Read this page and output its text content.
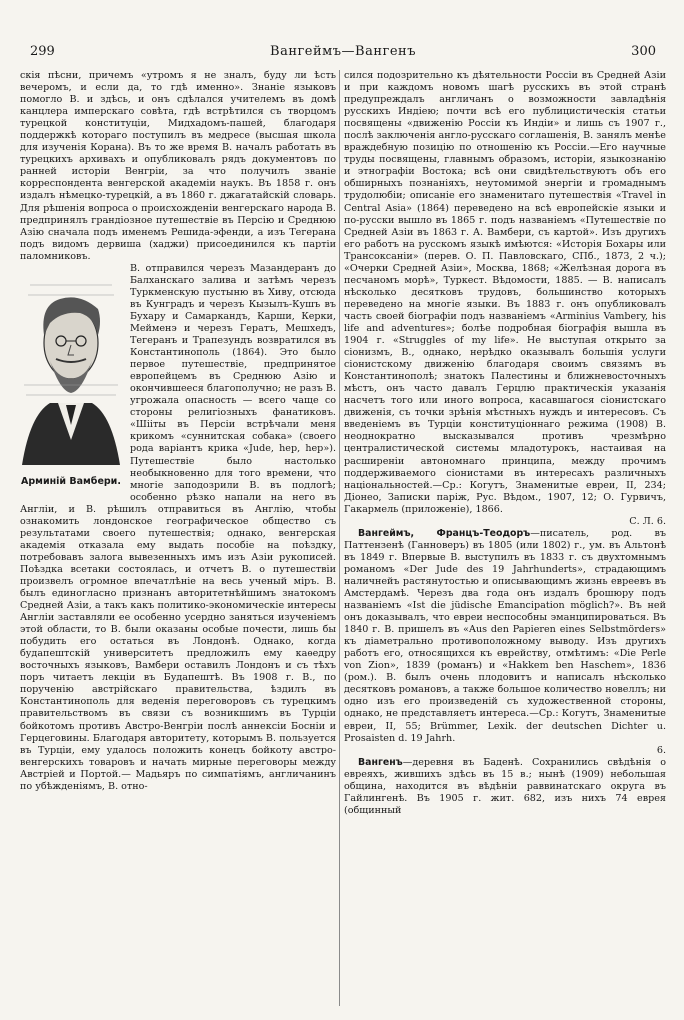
299	Вангеймъ—Вангенъ	300

скія пѣсни, причемъ «утромъ я не зналъ, буду ли ѣсть вечеромъ, и если да, то гдѣ именно». Знаніе языковъ помогло В. и здѣсь, и онъ сдѣлался учителемъ въ домѣ канцлера имперскаго совѣта, гдѣ встрѣтился съ творцомъ турецкой конституціи, Мидхадомъ-пашей, благодаря поддержкѣ котораго поступилъ въ медресе (высшая школа для изученія Корана). Въ то же время В. началъ работать въ турецкихъ архивахъ и опубликовалъ рядъ документовъ по ранней исторіи Венгріи, за что получилъ званіе корреспондента венгерской академіи наукъ. Въ 1858 г. онъ издалъ нѣмецко-турецкій, а въ 1860 г. джагатайскій словарь. Для рѣшенія вопроса о происхожденіи венгерскаго народа В. предпринялъ грандіозное путешествіе въ Персію и Среднюю Азію сначала подъ именемъ Решида-эфенди, а изъ Тегерана подъ видомъ дервиша (хаджи) присоединился къ партіи паломниковъ.

Арминій Вамбери.

В. отправился черезъ Мазандеранъ до Балханскаго залива и затѣмъ черезъ Туркменскую пустыню въ Хиву, отсюда въ Кунградъ и черезъ Кызылъ-Кушъ въ Бухару и Самаркандъ, Карши, Керки, Мейменэ и черезъ Гератъ, Мешхедъ, Тегеранъ и Трапезундъ возвратился въ Константинополь (1864). Это было первое путешествіе, предпринятое европейцемъ въ Среднюю Азію и окончившееся благополучно; не разъ В. угрожала опасность — всего чаще со стороны религіозныхъ фанатиковъ. «Шііты въ Персіи встрѣчали меня крикомъ «суннитская собака» (своего рода варіантъ крика «Jude, hep, hep»). Путешествіе было настолько необыкновенно для того времени, что многіе заподозрили В. въ подлогѣ; особенно рѣзко напали на него въ Англіи, и В. рѣшилъ отправиться въ Англію, чтобы ознакомить лондонское географическое общество съ результатами своего путешествія; однако, венгерская академія отказала ему выдать пособіе на поѣздку, потребовавъ залога вывезенныхъ имъ изъ Азіи рукописей. Поѣздка всетаки состоялась, и отчетъ В. о путешествіи произвелъ огромное впечатлѣніе на весь ученый міръ. В. былъ единогласно признанъ авторитетнѣйшимъ знатокомъ Средней Азіи, а такъ какъ политико-экономическіе интересы Англіи заставляли ее особенно усердно заняться изученіемъ этой области, то В. были оказаны особые почести, лишь бы побудить его остаться въ Лондонѣ. Однако, когда будапештскій университетъ предложилъ ему каѳедру восточныхъ языковъ, Вамбери оставилъ Лондонъ и съ тѣхъ поръ читаетъ лекціи въ Будапештѣ. Въ 1908 г. В., по порученію австрійскаго правительства, ѣздилъ въ Константинополь для веденія переговоровъ съ турецкимъ правительствомъ въ связи съ возникшимъ въ Турціи бойкотомъ противъ Австро-Венгріи послѣ аннексіи Босніи и Герцеговины. Благодаря авторитету, которымъ В. пользуется въ Турціи, ему удалось положить конецъ бойкоту австро-венгерскихъ товаровъ и начать мирные переговоры между Австріей и Портой.— Мадьяръ по симпатіямъ, англичанинъ по убѣжденіямъ, В. отно-

сился подозрительно къ дѣятельности Россіи въ Средней Азіи и при каждомъ новомъ шагѣ русскихъ въ этой странѣ предупреждалъ англичанъ о возможности завладѣнія русскихъ Индіею; почти всѣ его публицистическія статьи посвящены «движенію Россіи къ Индіи» и лишь съ 1907 г., послѣ заключенія англо-русскаго соглашенія, В. занялъ менѣе враждебную позицію по отношенію къ Россіи.—Его научные труды посвящены, главнымъ образомъ, исторіи, языкознанію и этнографіи Востока; всѣ они свидѣтельствуютъ объ его обширныхъ познаніяхъ, неутомимой энергіи и громаднымъ трудолюбіи; описаніе его знаменитаго путешествія «Travel in Central Asia» (1864) переведено на всѣ европейскіе языки и по-русски вышло въ 1865 г. подъ названіемъ «Путешествіе по Средней Азіи въ 1863 г. А. Вамбери, съ картой». Изъ другихъ его работъ на русскомъ языкѣ имѣются: «Исторія Бохары или Трансоксаніи» (перев. О. П. Павловскаго, СПб., 1873, 2 ч.); «Очерки Средней Азіи», Москва, 1868; «Желѣзная дорога въ песчаномъ морѣ», Туркест. Вѣдомости, 1885. — В. написалъ нѣсколько десятковъ трудовъ, большинство которыхъ переведено на многіе языки. Въ 1883 г. онъ опубликовалъ часть своей біографіи подъ названіемъ «Arminius Vambery, his life and adventures»; болѣе подробная біографія вышла въ 1904 г. «Struggles of my life». Не выступая открыто за сіонизмъ, В., однако, нерѣдко оказывалъ большія услуги сіонистскому движенію благодаря своимъ связямъ въ Константинополѣ; знатокъ Палестины и ближневосточныхъ мѣстъ, онъ часто давалъ Герцлю практическія указанія насчетъ того или иного вопроса, касавшагося сіонистскаго движенія, съ точки зрѣнія мѣстныхъ нуждъ и интересовъ. Съ введеніемъ въ Турціи конституціоннаго режима (1908) В. неоднократно высказывался противъ чрезмѣрно централистической системы младотурокъ, настаивая на расширеніи автономнаго принципа, между прочимъ поддерживаемого сіонистами въ интересахъ различныхъ національностей.—Ср.: Когутъ, Знаменитые евреи, II, 234; Діонео, Записки парiж, Рус. Вѣдом., 1907, 12; О. Гурвичъ, Гакармель (приложеніе), 1866.

С. Л. 6.

Вангеймъ, Францъ-Теодоръ—писатель, род. въ Паттензенѣ (Ганноверъ) въ 1805 (или 1802) г., ум. въ Альтонѣ въ 1849 г. Впервые В. выступилъ въ 1833 г. съ двухтомнымъ романомъ «Der Jude des 19 Jahrhunderts», страдающимъ наличнейъ растянутостью и описывающимъ жизнь евреевъ въ Амстердамѣ. Черезъ два года онъ издалъ брошюру подъ названіемъ «Ist die jüdische Emancipation möglich?». Въ ней онъ доказывалъ, что евреи неспособны эманципироваться. Въ 1840 г. В. пришелъ въ «Aus den Papieren eines Selbstmörders» къ діаметрально противоположному выводу. Изъ другихъ работъ его, относящихся къ еврейству, отмѣтимъ: «Die Perle von Zion», 1839 (романъ) и «Hakkem ben Haschem», 1836 (ром.). В. былъ очень плодовитъ и написалъ нѣсколько десятковъ романовъ, а также большое количество новеллъ; ни одно изъ его произведеній съ художественной стороны, однако, не представляетъ интереса.—Ср.: Когутъ, Знаменитые евреи, II, 55; Brümmer, Lexik. der deutschen Dichter u. Prosaisten d. 19 Jahrh.

6.

Вангенъ—деревня въ Баденѣ. Сохранились свѣдѣнія о евреяхъ, жившихъ здѣсь въ 15 в.; нынѣ (1909) небольшая община, находится въ вѣдѣніи раввинатскаго округа въ Гайлингенѣ. Въ 1905 г. жит. 682, изъ нихъ 74 еврея (общинный
